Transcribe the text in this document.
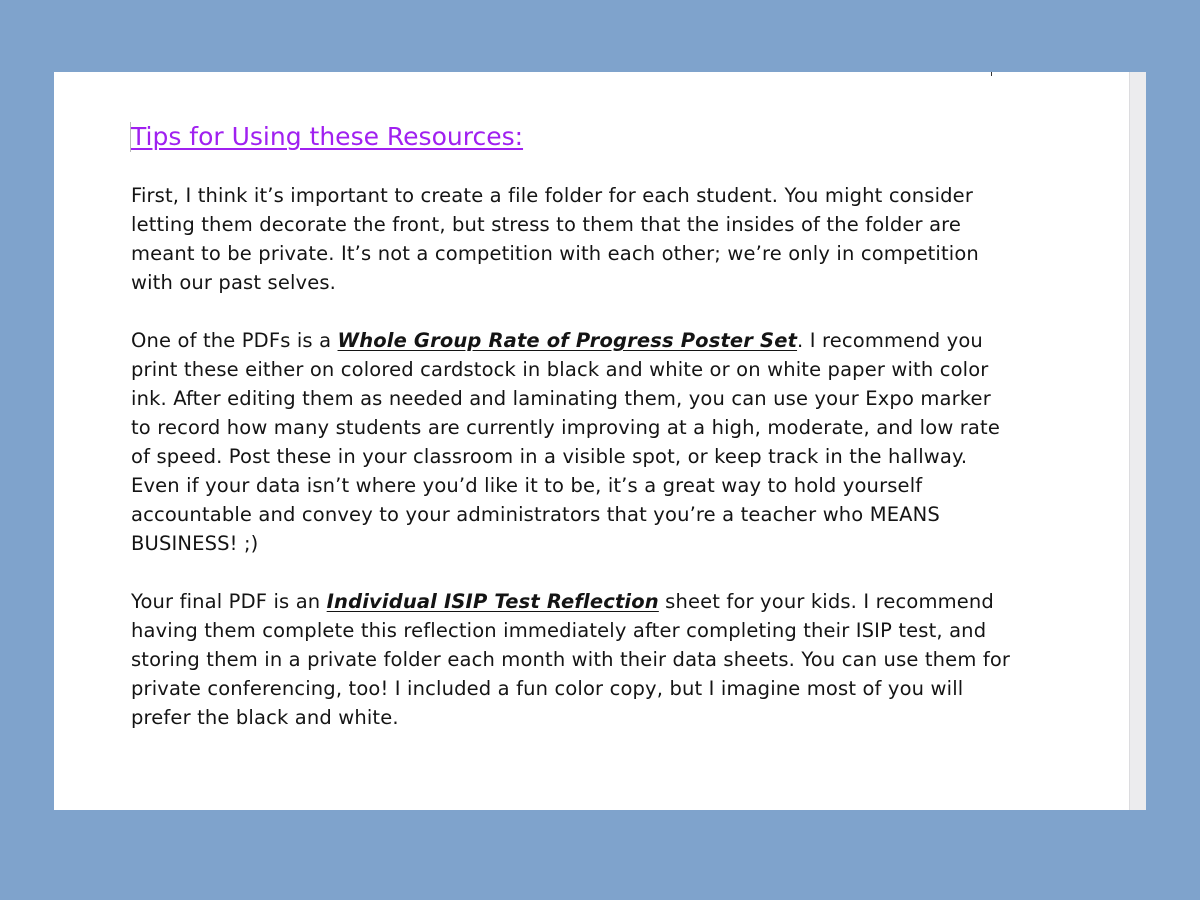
Tips for Using these Resources:

First, I think it’s important to create a file folder for each student. You might consider letting them decorate the front, but stress to them that the insides of the folder are meant to be private. It’s not a competition with each other; we’re only in competition with our past selves.

One of the PDFs is a Whole Group Rate of Progress Poster Set. I recommend you print these either on colored cardstock in black and white or on white paper with color ink. After editing them as needed and laminating them, you can use your Expo marker to record how many students are currently improving at a high, moderate, and low rate of speed. Post these in your classroom in a visible spot, or keep track in the hallway. Even if your data isn’t where you’d like it to be, it’s a great way to hold yourself accountable and convey to your administrators that you’re a teacher who MEANS BUSINESS! ;)

Your final PDF is an Individual ISIP Test Reflection sheet for your kids. I recommend having them complete this reflection immediately after completing their ISIP test, and storing them in a private folder each month with their data sheets. You can use them for private conferencing, too! I included a fun color copy, but I imagine most of you will prefer the black and white.
